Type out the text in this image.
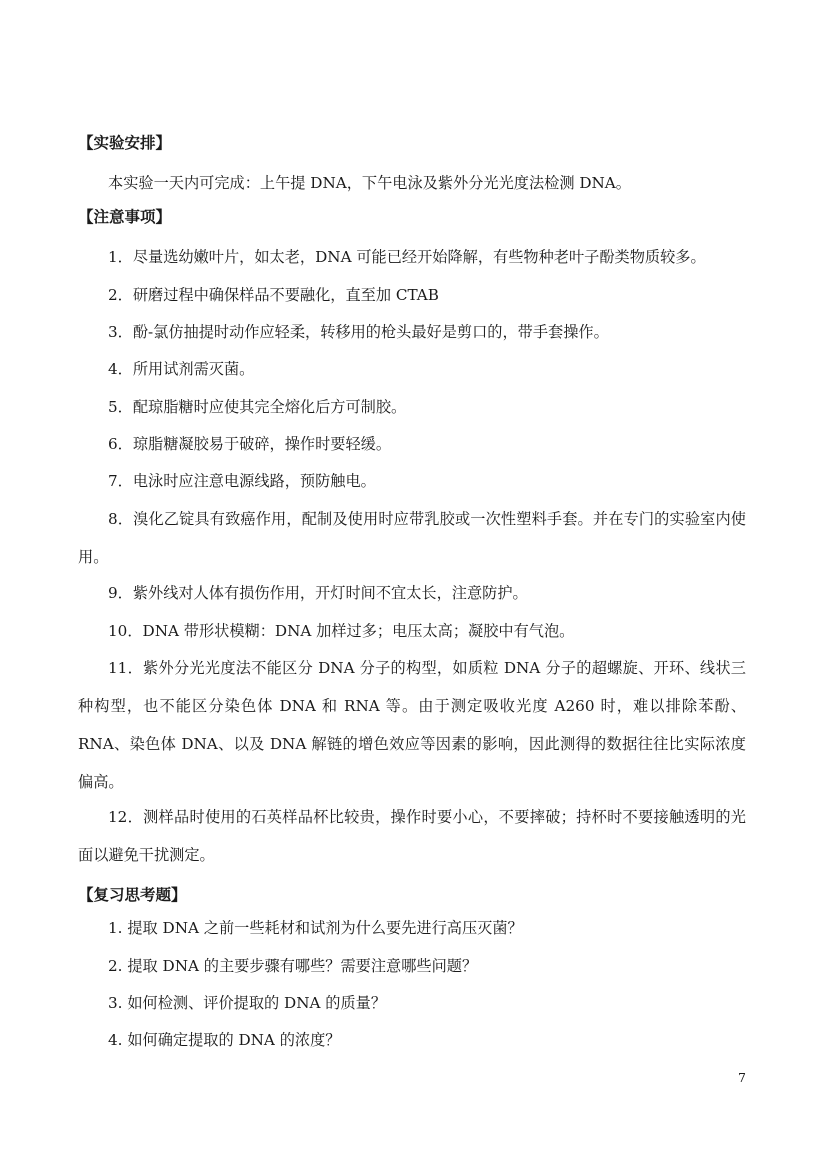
【实验安排】
本实验一天内可完成：上午提 DNA，下午电泳及紫外分光光度法检测 DNA。
【注意事项】
1．尽量选幼嫩叶片，如太老，DNA 可能已经开始降解，有些物种老叶子酚类物质较多。
2．研磨过程中确保样品不要融化，直至加 CTAB
3．酚-氯仿抽提时动作应轻柔，转移用的枪头最好是剪口的，带手套操作。
4．所用试剂需灭菌。
5．配琼脂糖时应使其完全熔化后方可制胶。
6．琼脂糖凝胶易于破碎，操作时要轻缓。
7．电泳时应注意电源线路，预防触电。
8．溴化乙锭具有致癌作用，配制及使用时应带乳胶或一次性塑料手套。并在专门的实验室内使用。
9．紫外线对人体有损伤作用，开灯时间不宜太长，注意防护。
10．DNA 带形状模糊：DNA 加样过多；电压太高；凝胶中有气泡。
11．紫外分光光度法不能区分 DNA 分子的构型，如质粒 DNA 分子的超螺旋、开环、线状三种构型，也不能区分染色体 DNA 和 RNA 等。由于测定吸收光度 A260 时，难以排除苯酚、RNA、染色体 DNA、以及 DNA 解链的增色效应等因素的影响，因此测得的数据往往比实际浓度偏高。
12．测样品时使用的石英样品杯比较贵，操作时要小心，不要摔破；持杯时不要接触透明的光面以避免干扰测定。
【复习思考题】
1. 提取 DNA 之前一些耗材和试剂为什么要先进行高压灭菌？
2. 提取 DNA 的主要步骤有哪些？需要注意哪些问题？
3. 如何检测、评价提取的 DNA 的质量？
4. 如何确定提取的 DNA 的浓度？
7
